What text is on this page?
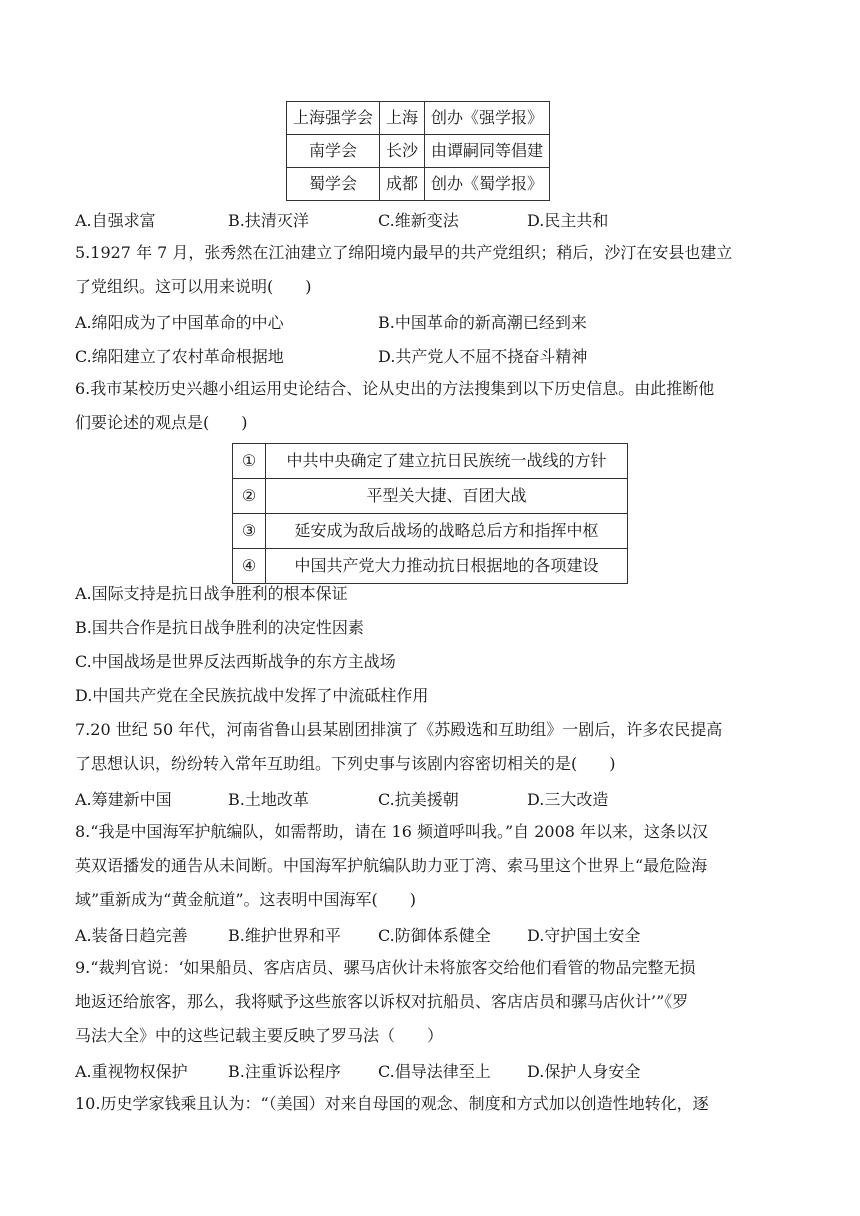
上海强学会	上海	创办《强学报》
南学会	长沙	由谭嗣同等倡建
蜀学会	成都	创办《蜀学报》
A.自强求富	B.扶清灭洋	C.维新变法	D.民主共和
5.1927 年 7 月，张秀然在江油建立了绵阳境内最早的共产党组织；稍后，沙汀在安县也建立
了党组织。这可以用来说明(　　)
A.绵阳成为了中国革命的中心	B.中国革命的新高潮已经到来
C.绵阳建立了农村革命根据地	D.共产党人不屈不挠奋斗精神
6.我市某校历史兴趣小组运用史论结合、论从史出的方法搜集到以下历史信息。由此推断他
们要论述的观点是(　　)
①	中共中央确定了建立抗日民族统一战线的方针
②	平型关大捷、百团大战
③	延安成为敌后战场的战略总后方和指挥中枢
④	中国共产党大力推动抗日根据地的各项建设
A.国际支持是抗日战争胜利的根本保证
B.国共合作是抗日战争胜利的决定性因素
C.中国战场是世界反法西斯战争的东方主战场
D.中国共产党在全民族抗战中发挥了中流砥柱作用
7.20 世纪 50 年代，河南省鲁山县某剧团排演了《苏殿选和互助组》一剧后，许多农民提高
了思想认识，纷纷转入常年互助组。下列史事与该剧内容密切相关的是(　　)
A.筹建新中国	B.土地改革	C.抗美援朝	D.三大改造
8.“我是中国海军护航编队，如需帮助，请在 16 频道呼叫我。”自 2008 年以来，这条以汉
英双语播发的通告从未间断。中国海军护航编队助力亚丁湾、索马里这个世界上“最危险海
域”重新成为“黄金航道”。这表明中国海军(　　)
A.装备日趋完善	B.维护世界和平 C.防御体系健全 D.守护国土安全
9.“裁判官说：‘如果船员、客店店员、骡马店伙计未将旅客交给他们看管的物品完整无损
地返还给旅客，那么，我将赋予这些旅客以诉权对抗船员、客店店员和骡马店伙计’”《罗
马法大全》中的这些记载主要反映了罗马法（　　）
A.重视物权保护	B.注重诉讼程序 C.倡导法律至上 D.保护人身安全
10.历史学家钱乘且认为：“（美国）对来自母国的观念、制度和方式加以创造性地转化，逐
